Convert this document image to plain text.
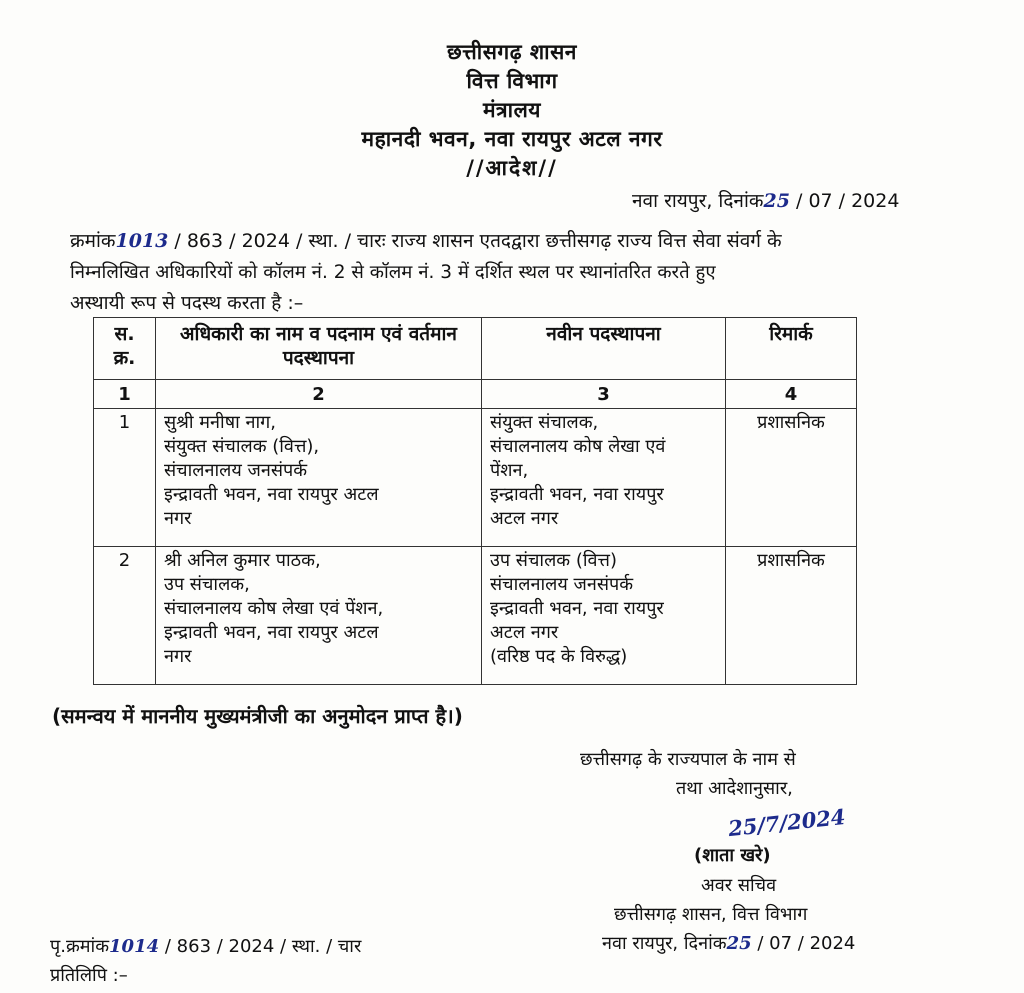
छत्तीसगढ़ शासन
वित्त विभाग
मंत्रालय
महानदी भवन, नवा रायपुर अटल नगर
//आदेश//
नवा रायपुर, दिनांक25 / 07 / 2024
क्रमांक1013 / 863 / 2024 / स्था. / चारः राज्य शासन एतदद्वारा छत्तीसगढ़ राज्य वित्त सेवा संवर्ग के
निम्नलिखित अधिकारियों को कॉलम नं. 2 से कॉलम नं. 3 में दर्शित स्थल पर स्थानांतरित करते हुए
अस्थायी रूप से पदस्थ करता है :–
स. क्र.	अधिकारी का नाम व पदनाम एवं वर्तमान पदस्थापना	नवीन पदस्थापना	रिमार्क
1	2	3	4
1	सुश्री मनीषा नाग,
संयुक्त संचालक (वित्त),
संचालनालय जनसंपर्क
इन्द्रावती भवन, नवा रायपुर अटल
नगर	संयुक्त संचालक,
संचालनालय कोष लेखा एवं
पेंशन,
इन्द्रावती भवन, नवा रायपुर
अटल नगर	प्रशासनिक
2	श्री अनिल कुमार पाठक,
उप संचालक,
संचालनालय कोष लेखा एवं पेंशन,
इन्द्रावती भवन, नवा रायपुर अटल
नगर	उप संचालक (वित्त)
संचालनालय जनसंपर्क
इन्द्रावती भवन, नवा रायपुर
अटल नगर
(वरिष्ठ पद के विरुद्ध)	प्रशासनिक
(समन्वय में माननीय मुख्यमंत्रीजी का अनुमोदन प्राप्त है।)
छत्तीसगढ़ के राज्यपाल के नाम से
तथा आदेशानुसार,
25/7/2024
(शाता खरे)
अवर सचिव
छत्तीसगढ़ शासन, वित्त विभाग
नवा रायपुर, दिनांक25 / 07 / 2024
पृ.क्रमांक1014 / 863 / 2024 / स्था. / चार
प्रतिलिपि :–
